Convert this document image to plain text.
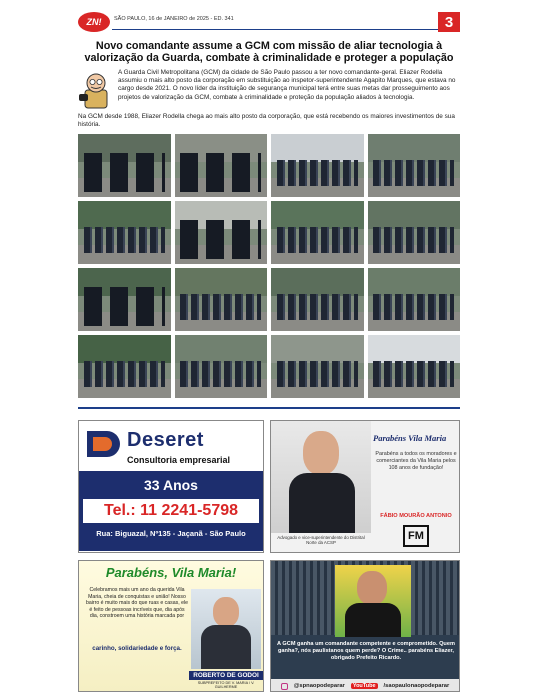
ZN!	SÃO PAULO, 16 de JANEIRO de 2025 - ED. 341	3
Novo comandante assume a GCM com missão de aliar tecnologia à valorização da Guarda, combate à criminalidade e proteger a população

A Guarda Civil Metropolitana (GCM) da cidade de São Paulo passou a ter novo comandante-geral. Eliazer Rodella assumiu o mais alto posto da corporação em substituição ao inspetor-superintendente Agapito Marques, que estava no cargo desde 2021. O novo líder da instituição de segurança municipal terá entre suas metas dar prosseguimento aos projetos de valorização da GCM, combate à criminalidade e proteção da população aliados à tecnologia.

Na GCM desde 1988, Eliazer Rodella chega ao mais alto posto da corporação, que está recebendo os maiores investimentos de sua história.

Deseret
Consultoria empresarial
33 Anos
Tel.: 11 2241-5798
Rua: Biguazal, Nº135 - Jaçanã - São Paulo	Advogado e vice-superintendente do Distrital Norte da ACSP
Parabéns Vila Maria
Parabéns a todos os moradores e comerciantes da Vila Maria pelos 108 anos de fundação!
FÁBIO MOURÃO ANTONIO
FM
Parabéns, Vila Maria!
Celebramos mais um ano da querida Vila Maria, cheia de conquistas e união! Nosso bairro é muito mais do que ruas e casas, ele é feito de pessoas incríveis que, dia após dia, constroem uma história marcada por
carinho, solidariedade e força.
ROBERTO DE GODOI
SUBPREFEITO DE V. MARIA / V. GUILHERME
A GCM ganha um comandante competente e comprometido. Quem ganha?, nós paulistanos quem perde? O Crime.. parabéns Eliazer, obrigado Prefeito Ricardo.
@spnaopodeparar	YouTube	/saopaulonaopodeparar
